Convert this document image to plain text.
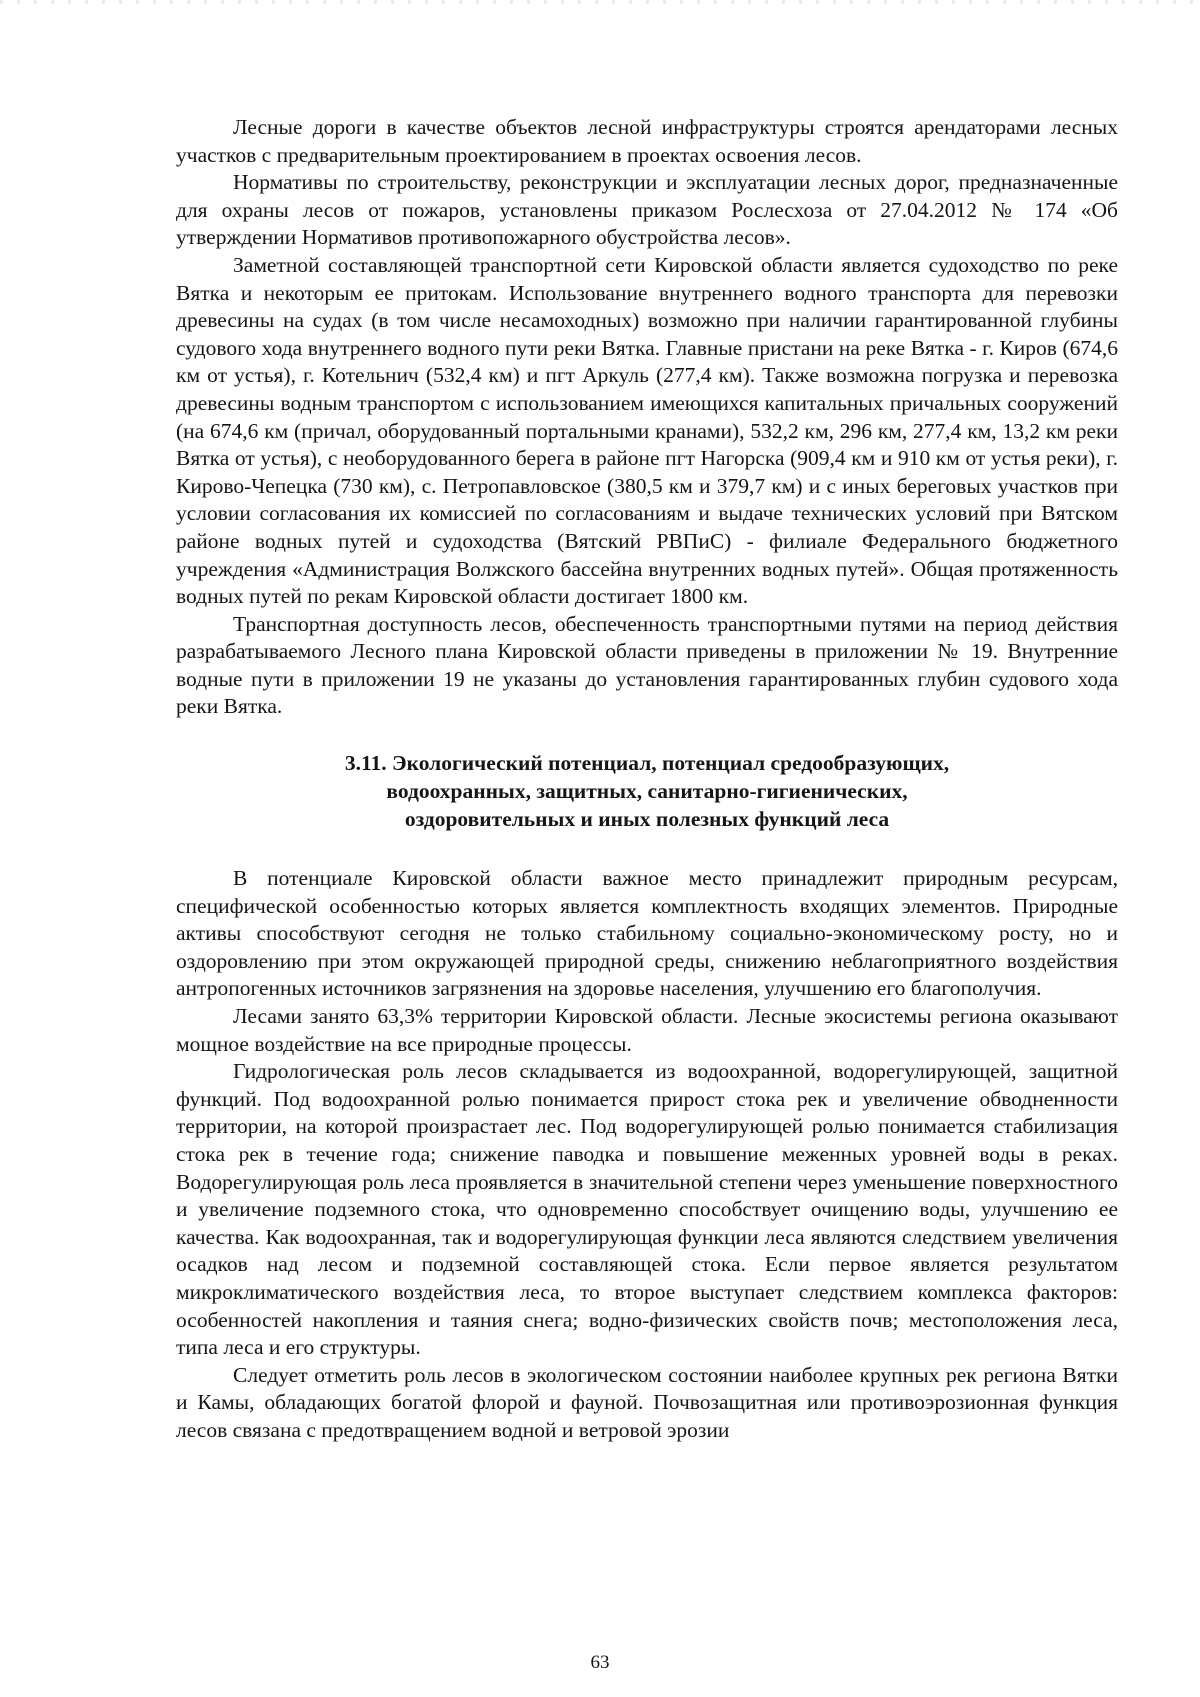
Лесные дороги в качестве объектов лесной инфраструктуры строятся арендаторами лесных участков с предварительным проектированием в проектах освоения лесов.

Нормативы по строительству, реконструкции и эксплуатации лесных дорог, предназначенные для охраны лесов от пожаров, установлены приказом Рослесхоза от 27.04.2012 № 174 «Об утверждении Нормативов противопожарного обустройства лесов».

Заметной составляющей транспортной сети Кировской области является судоходство по реке Вятка и некоторым ее притокам. Использование внутреннего водного транспорта для перевозки древесины на судах (в том числе несамоходных) возможно при наличии гарантированной глубины судового хода внутреннего водного пути реки Вятка. Главные пристани на реке Вятка - г. Киров (674,6 км от устья), г. Котельнич (532,4 км) и пгт Аркуль (277,4 км). Также возможна погрузка и перевозка древесины водным транспортом с использованием имеющихся капитальных причальных сооружений (на 674,6 км (причал, оборудованный портальными кранами), 532,2 км, 296 км, 277,4 км, 13,2 км реки Вятка от устья), с необорудованного берега в районе пгт Нагорска (909,4 км и 910 км от устья реки), г. Кирово-Чепецка (730 км), с. Петропавловское (380,5 км и 379,7 км) и с иных береговых участков при условии согласования их комиссией по согласованиям и выдаче технических условий при Вятском районе водных путей и судоходства (Вятский РВПиС) - филиале Федерального бюджетного учреждения «Администрация Волжского бассейна внутренних водных путей». Общая протяженность водных путей по рекам Кировской области достигает 1800 км.

Транспортная доступность лесов, обеспеченность транспортными путями на период действия разрабатываемого Лесного плана Кировской области приведены в приложении № 19. Внутренние водные пути в приложении 19 не указаны до установления гарантированных глубин судового хода реки Вятка.

3.11. Экологический потенциал, потенциал средообразующих,
водоохранных, защитных, санитарно-гигиенических,
оздоровительных и иных полезных функций леса

В потенциале Кировской области важное место принадлежит природным ресурсам, специфической особенностью которых является комплектность входящих элементов. Природные активы способствуют сегодня не только стабильному социально-экономическому росту, но и оздоровлению при этом окружающей природной среды, снижению неблагоприятного воздействия антропогенных источников загрязнения на здоровье населения, улучшению его благополучия.

Лесами занято 63,3% территории Кировской области. Лесные экосистемы региона оказывают мощное воздействие на все природные процессы.

Гидрологическая роль лесов складывается из водоохранной, водорегулирующей, защитной функций. Под водоохранной ролью понимается прирост стока рек и увеличение обводненности территории, на которой произрастает лес. Под водорегулирующей ролью понимается стабилизация стока рек в течение года; снижение паводка и повышение меженных уровней воды в реках. Водорегулирующая роль леса проявляется в значительной степени через уменьшение поверхностного и увеличение подземного стока, что одновременно способствует очищению воды, улучшению ее качества. Как водоохранная, так и водорегулирующая функции леса являются следствием увеличения осадков над лесом и подземной составляющей стока. Если первое является результатом микроклиматического воздействия леса, то второе выступает следствием комплекса факторов: особенностей накопления и таяния снега; водно-физических свойств почв; местоположения леса, типа леса и его структуры.

Следует отметить роль лесов в экологическом состоянии наиболее крупных рек региона Вятки и Камы, обладающих богатой флорой и фауной. Почвозащитная или противоэрозионная функция лесов связана с предотвращением водной и ветровой эрозии

63
